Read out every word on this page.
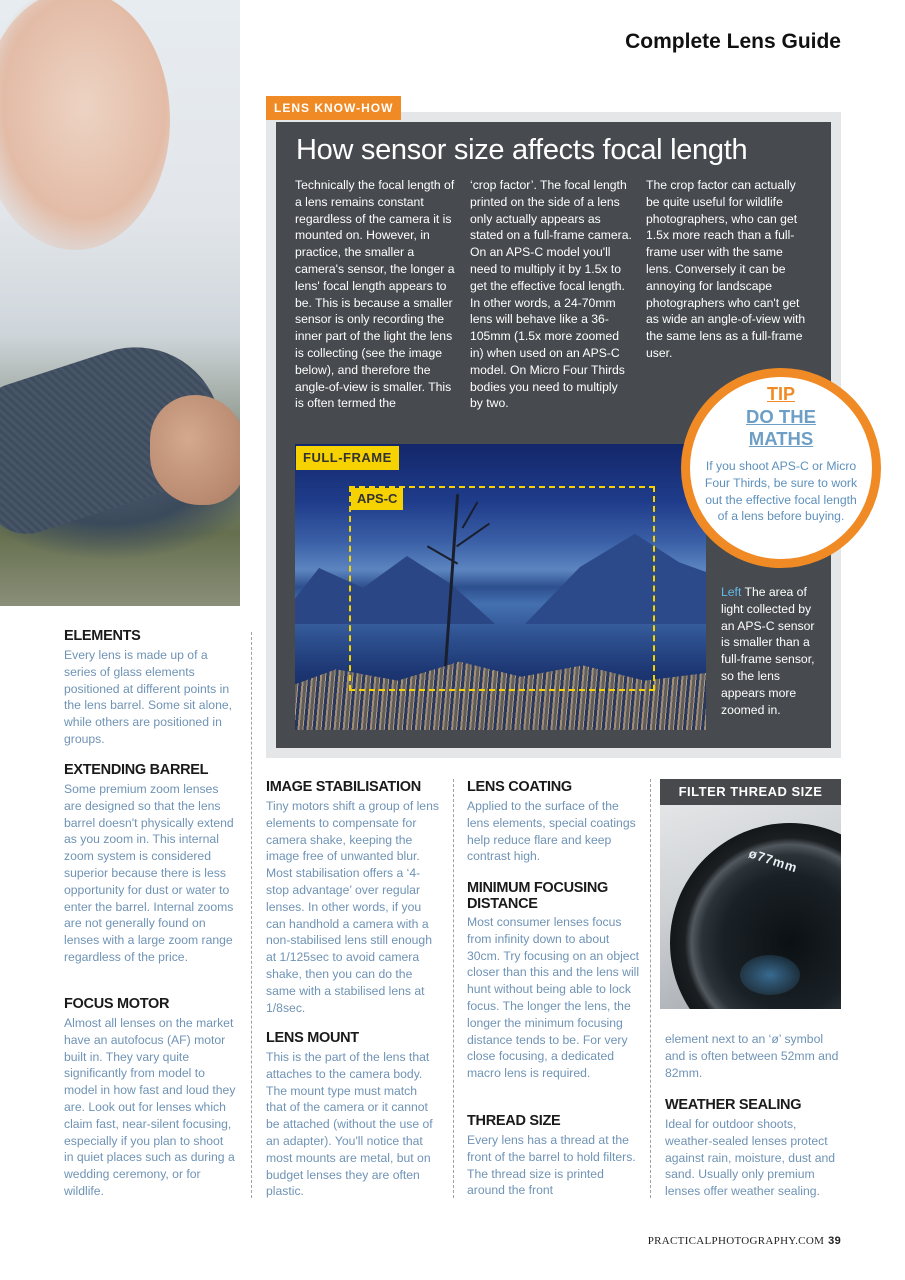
Complete Lens Guide
LENS KNOW-HOW
How sensor size affects focal length
Technically the focal length of a lens remains constant regardless of the camera it is mounted on. However, in practice, the smaller a camera's sensor, the longer a lens' focal length appears to be. This is because a smaller sensor is only recording the inner part of the light the lens is collecting (see the image below), and therefore the angle-of-view is smaller. This is often termed the
‘crop factor’. The focal length printed on the side of a lens only actually appears as stated on a full-frame camera. On an APS-C model you'll need to multiply it by 1.5x to get the effective focal length. In other words, a 24-70mm lens will behave like a 36-105mm (1.5x more zoomed in) when used on an APS-C model. On Micro Four Thirds bodies you need to multiply by two.
The crop factor can actually be quite useful for wildlife photographers, who can get 1.5x more reach than a full-frame user with the same lens. Conversely it can be annoying for landscape photographers who can't get as wide an angle-of-view with the same lens as a full-frame user.
FULL-FRAME
APS-C
Left The area of light collected by an APS-C sensor is smaller than a full-frame sensor, so the lens appears more zoomed in.
TIP
DO THE
MATHS
If you shoot APS-C or Micro Four Thirds, be sure to work out the effective focal length of a lens before buying.
ELEMENTS
Every lens is made up of a series of glass elements positioned at different points in the lens barrel. Some sit alone, while others are positioned in groups.
EXTENDING BARREL
Some premium zoom lenses are designed so that the lens barrel doesn't physically extend as you zoom in. This internal zoom system is considered superior because there is less opportunity for dust or water to enter the barrel. Internal zooms are not generally found on lenses with a large zoom range regardless of the price.
FOCUS MOTOR
Almost all lenses on the market have an autofocus (AF) motor built in. They vary quite significantly from model to model in how fast and loud they are. Look out for lenses which claim fast, near-silent focusing, especially if you plan to shoot in quiet places such as during a wedding ceremony, or for wildlife.
IMAGE STABILISATION
Tiny motors shift a group of lens elements to compensate for camera shake, keeping the image free of unwanted blur. Most stabilisation offers a ‘4-stop advantage’ over regular lenses. In other words, if you can handhold a camera with a non-stabilised lens still enough at 1/125sec to avoid camera shake, then you can do the same with a stabilised lens at 1/8sec.
LENS MOUNT
This is the part of the lens that attaches to the camera body. The mount type must match that of the camera or it cannot be attached (without the use of an adapter). You'll notice that most mounts are metal, but on budget lenses they are often plastic.
LENS COATING
Applied to the surface of the lens elements, special coatings help reduce flare and keep contrast high.
MINIMUM FOCUSING DISTANCE
Most consumer lenses focus from infinity down to about 30cm. Try focusing on an object closer than this and the lens will hunt without being able to lock focus. The longer the lens, the longer the minimum focusing distance tends to be. For very close focusing, a dedicated macro lens is required.
THREAD SIZE
Every lens has a thread at the front of the barrel to hold filters. The thread size is printed around the front
ø77mm
FILTER THREAD SIZE
element next to an ‘ø’ symbol and is often between 52mm and 82mm.
WEATHER SEALING
Ideal for outdoor shoots, weather-sealed lenses protect against rain, moisture, dust and sand. Usually only premium lenses offer weather sealing.
PRACTICALPHOTOGRAPHY.COM 39
